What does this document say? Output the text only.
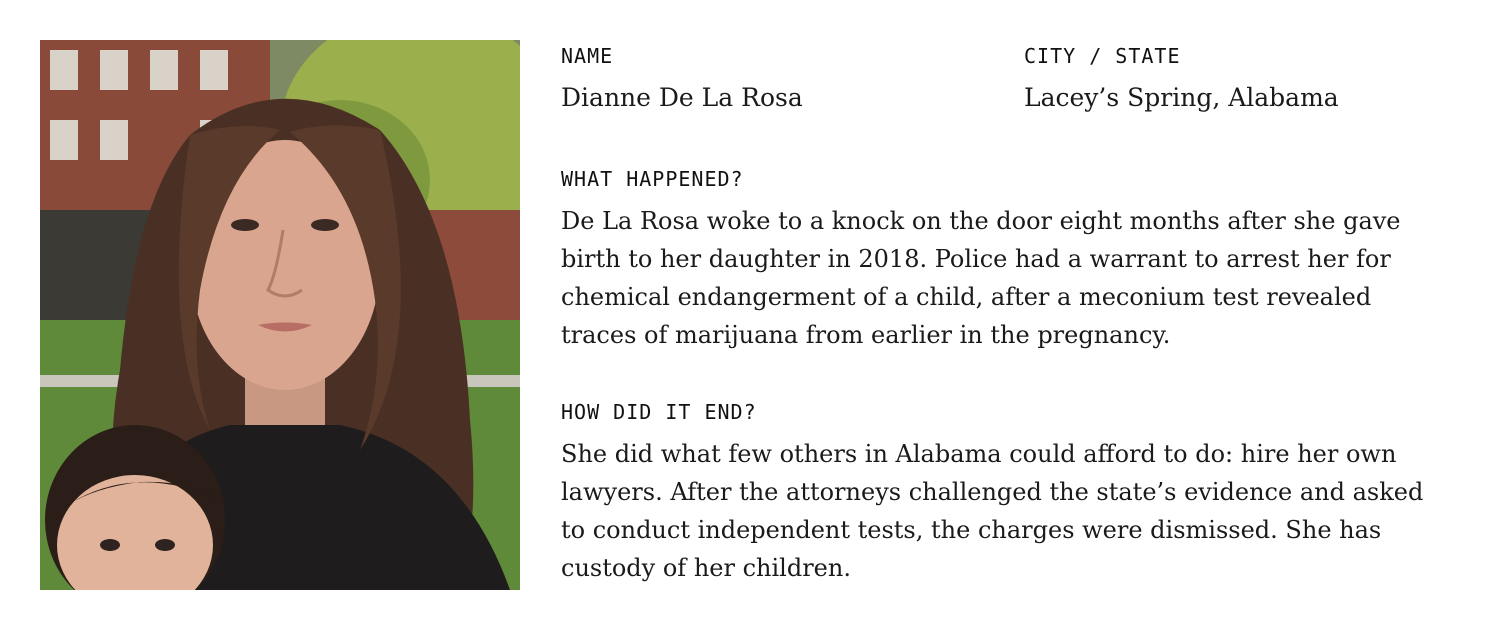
NAME
Dianne De La Rosa
CITY / STATE
Lacey’s Spring, Alabama
WHAT HAPPENED?
De La Rosa woke to a knock on the door eight months after she gave
birth to her daughter in 2018. Police had a warrant to arrest her for
chemical endangerment of a child, after a meconium test revealed
traces of marijuana from earlier in the pregnancy.
HOW DID IT END?
She did what few others in Alabama could afford to do: hire her own
lawyers. After the attorneys challenged the state’s evidence and asked
to conduct independent tests, the charges were dismissed. She has
custody of her children.
